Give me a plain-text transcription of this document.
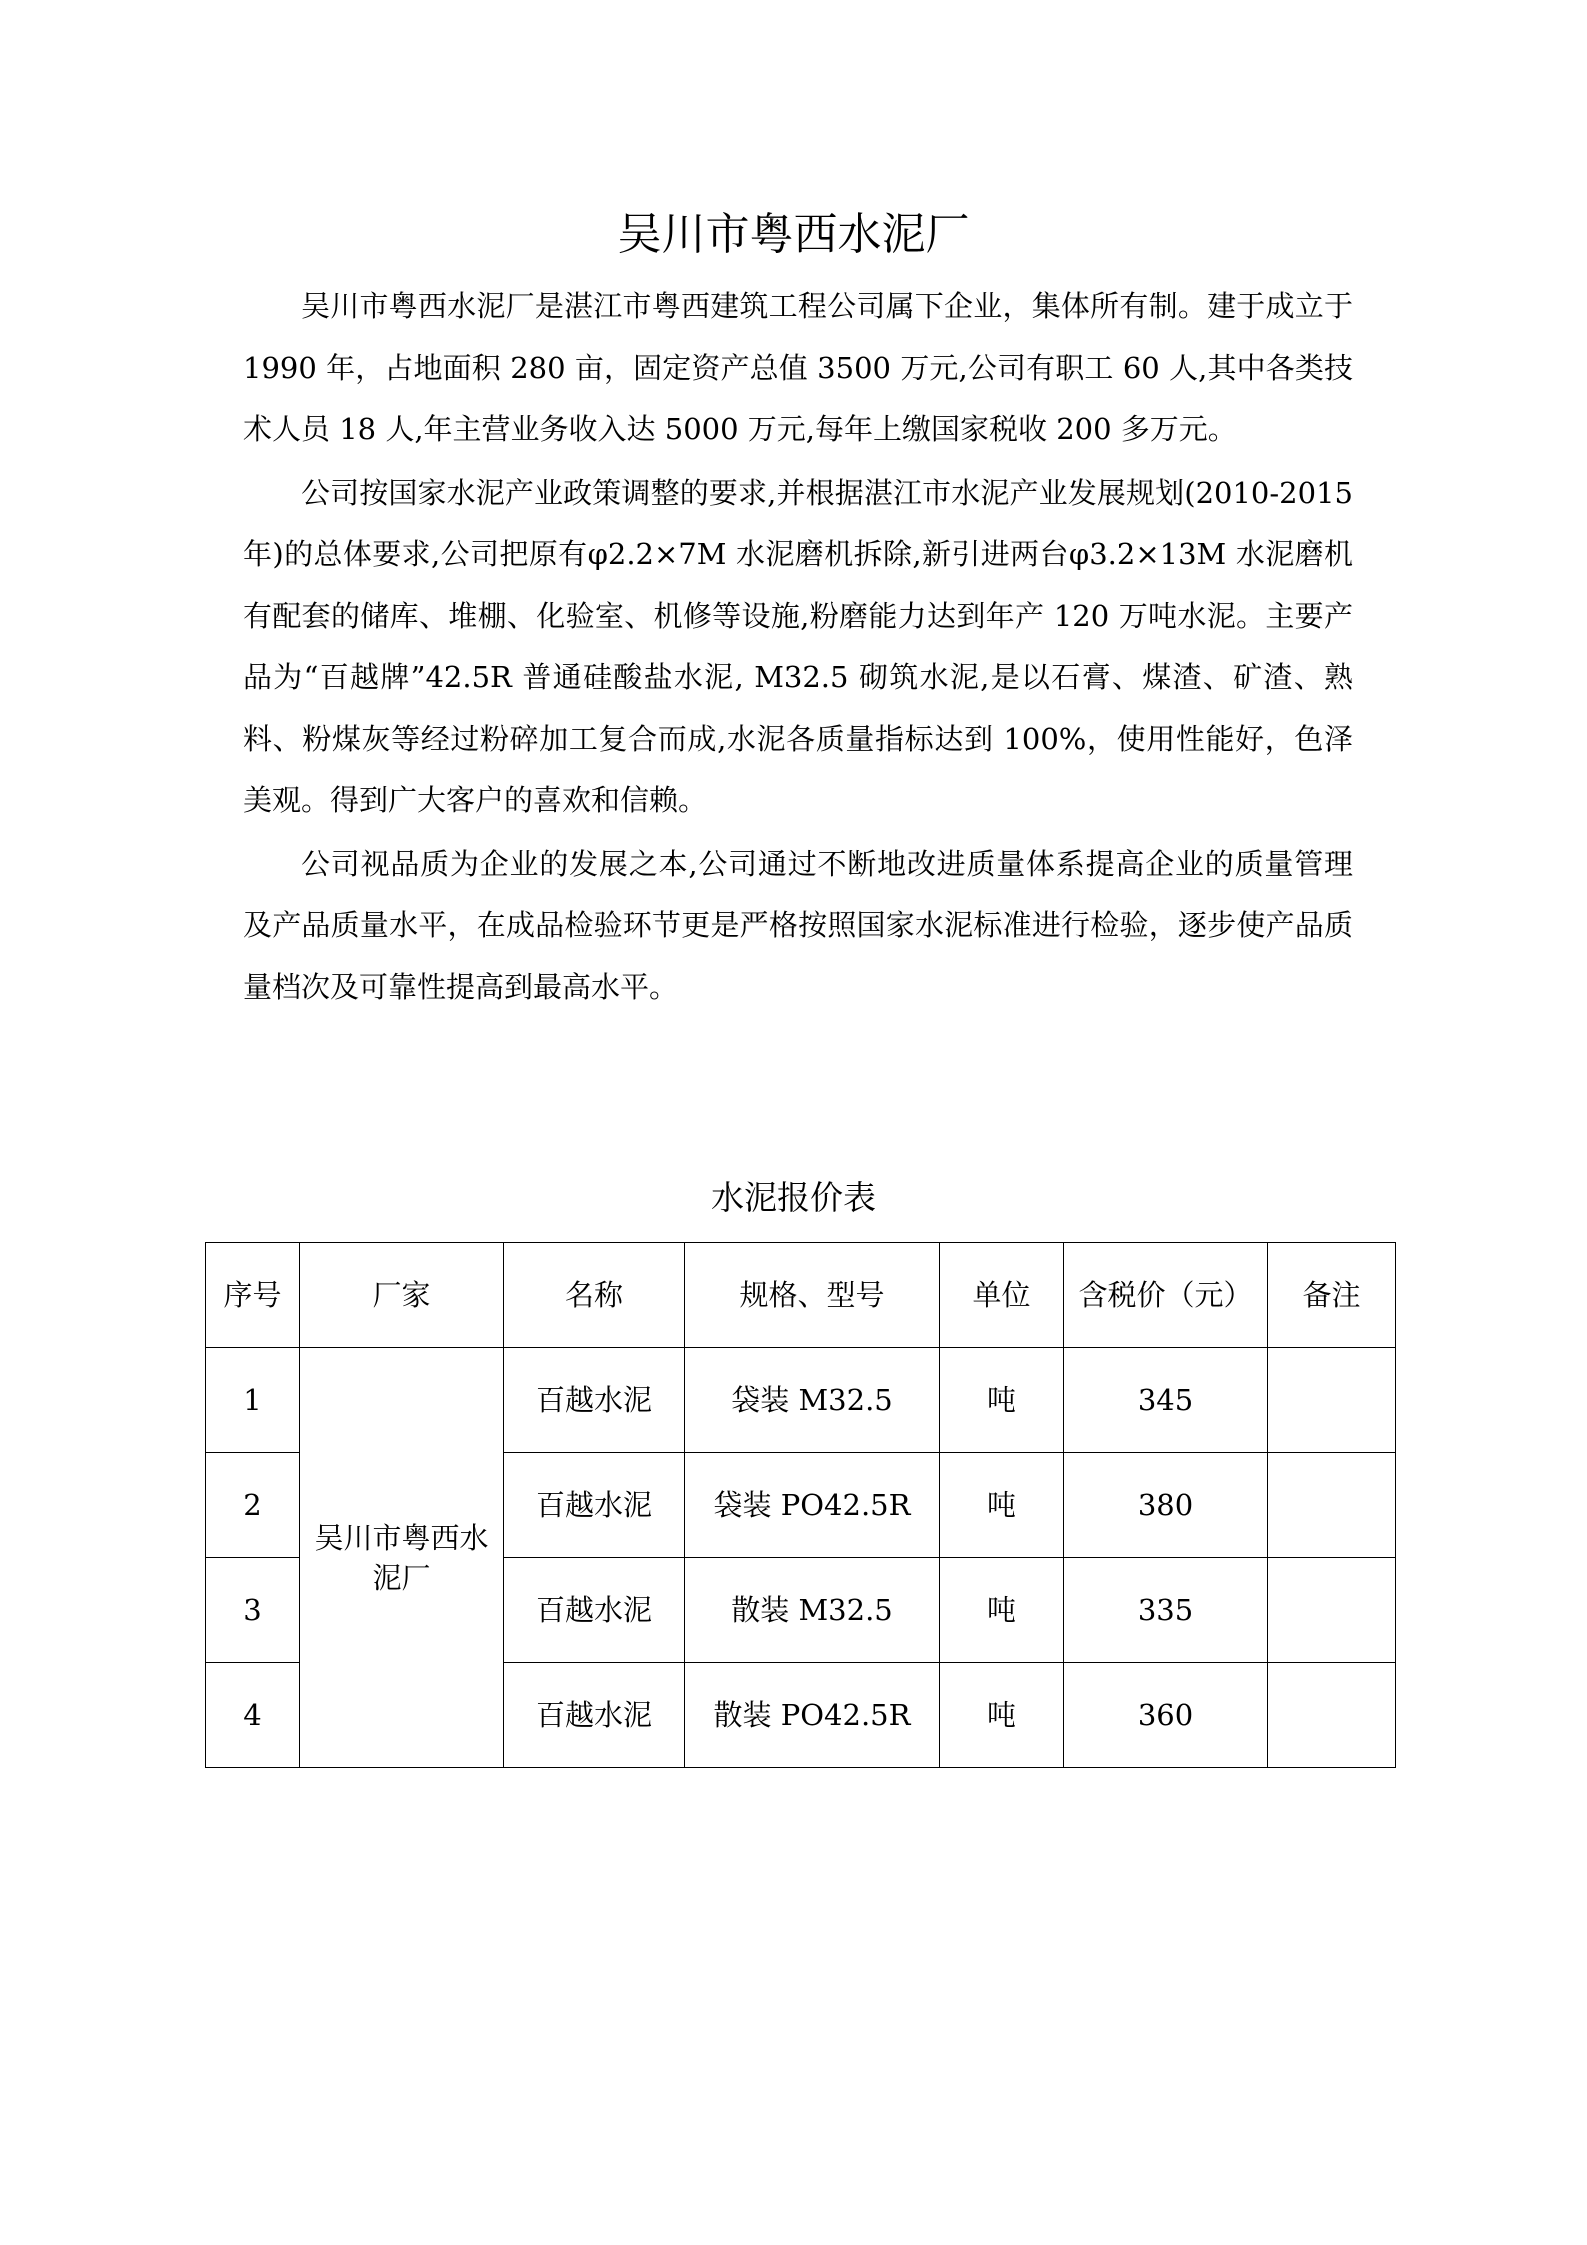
吴川市粤西水泥厂

吴川市粤西水泥厂是湛江市粤西建筑工程公司属下企业，集体所有制。建于成立于 1990 年，占地面积 280 亩，固定资产总值 3500 万元,公司有职工 60 人,其中各类技术人员 18 人,年主营业务收入达 5000 万元,每年上缴国家税收 200 多万元。

公司按国家水泥产业政策调整的要求,并根据湛江市水泥产业发展规划(2010-2015 年)的总体要求,公司把原有φ2.2×7M 水泥磨机拆除,新引进两台φ3.2×13M 水泥磨机有配套的储库、堆棚、化验室、机修等设施,粉磨能力达到年产 120 万吨水泥。主要产品为“百越牌”42.5R 普通硅酸盐水泥, M32.5 砌筑水泥,是以石膏、煤渣、矿渣、熟料、粉煤灰等经过粉碎加工复合而成,水泥各质量指标达到 100%，使用性能好，色泽美观。得到广大客户的喜欢和信赖。

公司视品质为企业的发展之本,公司通过不断地改进质量体系提高企业的质量管理及产品质量水平，在成品检验环节更是严格按照国家水泥标准进行检验，逐步使产品质量档次及可靠性提高到最高水平。

水泥报价表
序号	厂家	名称	规格、型号	单位	含税价（元）	备注
1	吴川市粤西水泥厂	百越水泥	袋装 M32.5	吨	345	
2		百越水泥	袋装 PO42.5R	吨	380	
3		百越水泥	散装 M32.5	吨	335	
4		百越水泥	散装 PO42.5R	吨	360	
